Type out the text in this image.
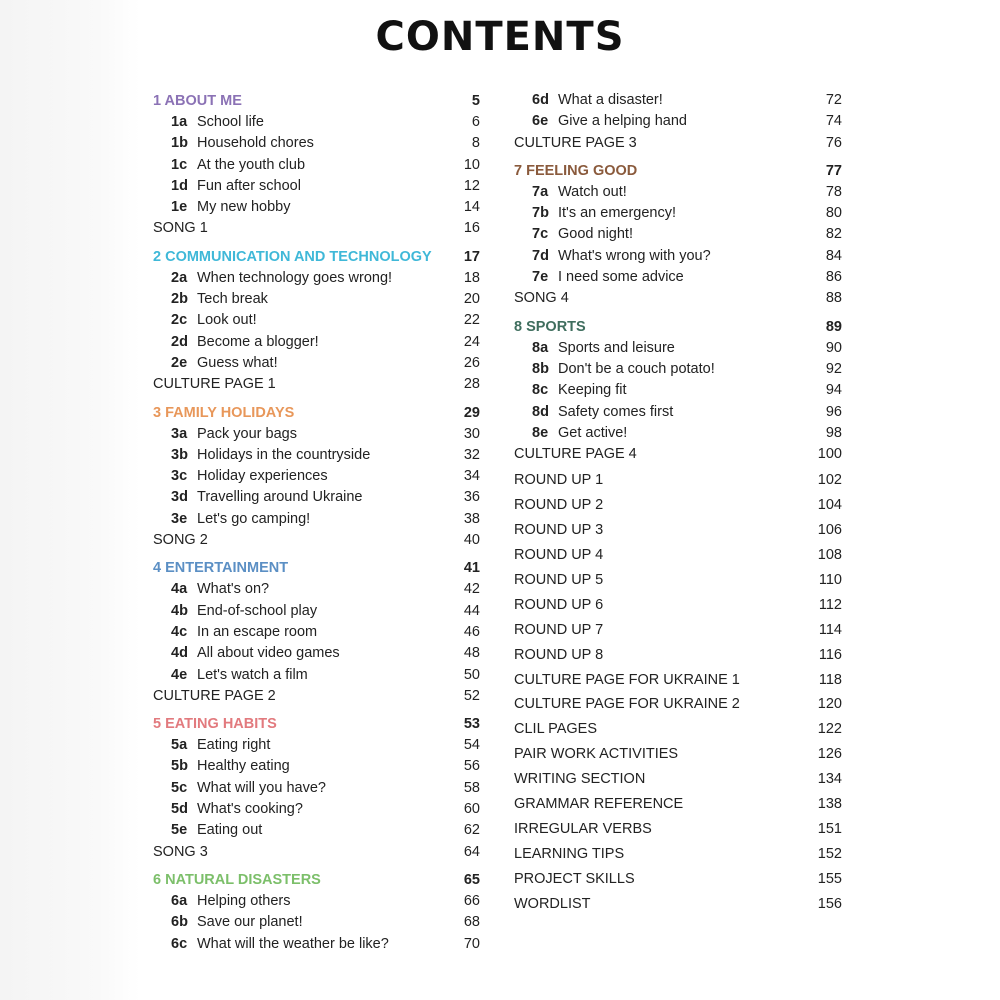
CONTENTS
1 ABOUT ME	5
1a School life	6
1b Household chores	8
1c At the youth club	10
1d Fun after school	12
1e My new hobby	14
SONG 1	16
2 COMMUNICATION AND TECHNOLOGY 17
2a When technology goes wrong!	18
2b Tech break	20
2c Look out!	22
2d Become a blogger!	24
2e Guess what!	26
CULTURE PAGE 1	28
3 FAMILY HOLIDAYS	29
3a Pack your bags	30
3b Holidays in the countryside	32
3c Holiday experiences	34
3d Travelling around Ukraine	36
3e Let's go camping!	38
SONG 2	40
4 ENTERTAINMENT	41
4a What's on?	42
4b End-of-school play	44
4c In an escape room	46
4d All about video games	48
4e Let's watch a film	50
CULTURE PAGE 2	52
5 EATING HABITS	53
5a Eating right	54
5b Healthy eating	56
5c What will you have?	58
5d What's cooking?	60
5e Eating out	62
SONG 3	64
6 NATURAL DISASTERS	65
6a Helping others	66
6b Save our planet!	68
6c What will the weather be like?	70
6d What a disaster!	72
6e Give a helping hand	74
CULTURE PAGE 3	76
7 FEELING GOOD	77
7a Watch out!	78
7b It's an emergency!	80
7c Good night!	82
7d What's wrong with you?	84
7e I need some advice	86
SONG 4	88
8 SPORTS	89
8a Sports and leisure	90
8b Don't be a couch potato!	92
8c Keeping fit	94
8d Safety comes first	96
8e Get active!	98
CULTURE PAGE 4	100
ROUND UP 1	102
ROUND UP 2	104
ROUND UP 3	106
ROUND UP 4	108
ROUND UP 5	110
ROUND UP 6	112
ROUND UP 7	114
ROUND UP 8	116
CULTURE PAGE FOR UKRAINE 1	118
CULTURE PAGE FOR UKRAINE 2	120
CLIL PAGES	122
PAIR WORK ACTIVITIES	126
WRITING SECTION	134
GRAMMAR REFERENCE	138
IRREGULAR VERBS	151
LEARNING TIPS	152
PROJECT SKILLS	155
WORDLIST	156
